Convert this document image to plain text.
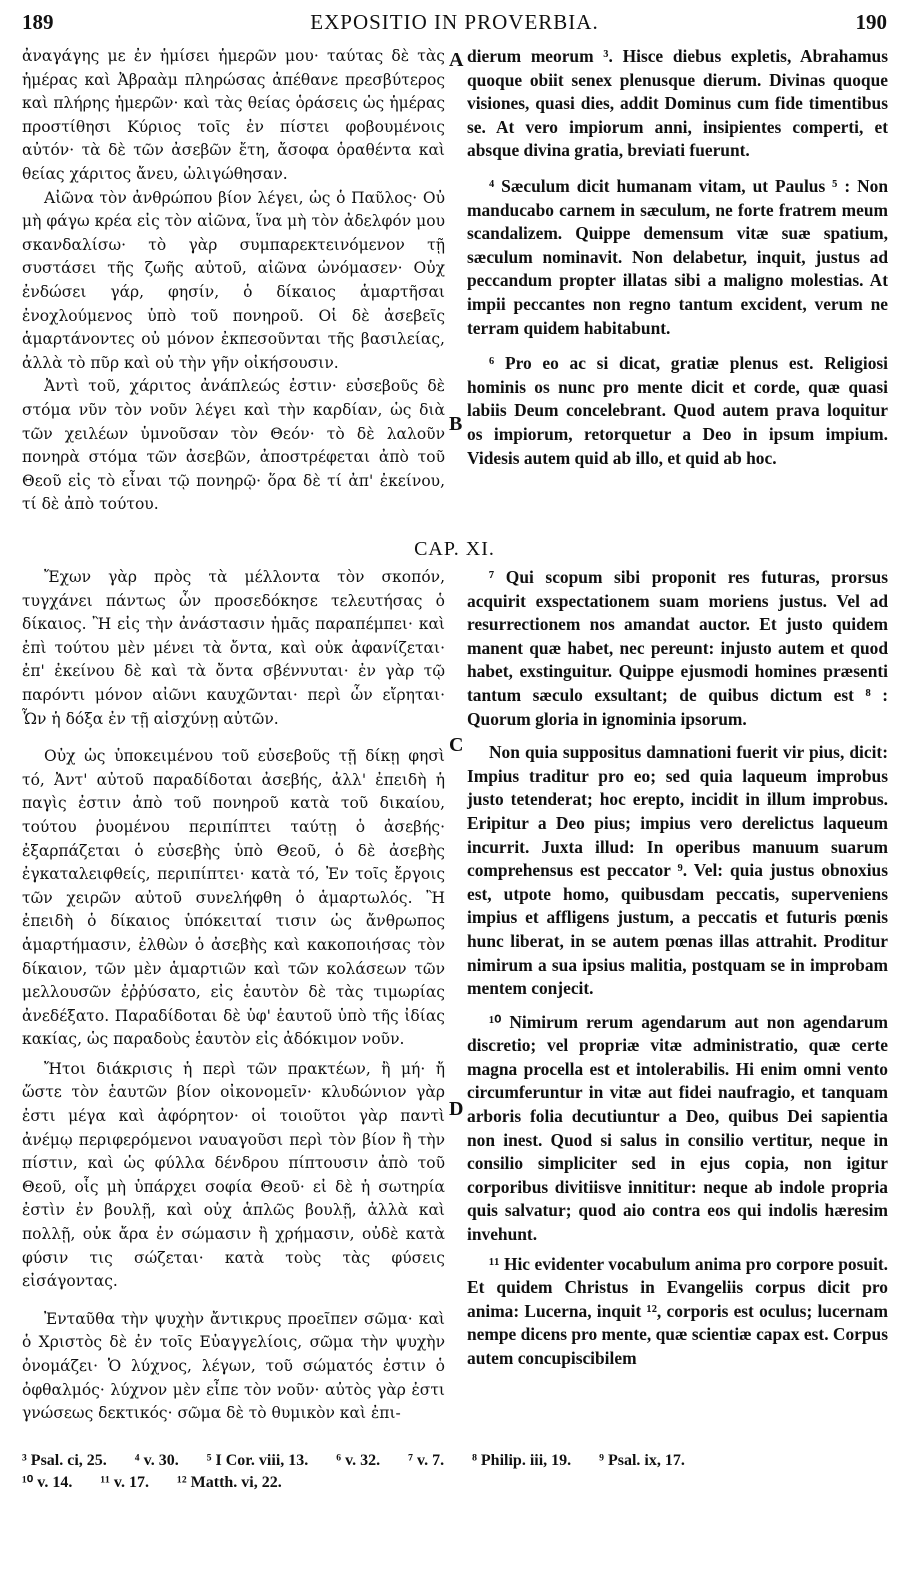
189	EXPOSITIO IN PROVERBIA.	190

ἀναγάγης με ἐν ἡμίσει ἡμερῶν μου· ταύτας δὲ τὰς ἡμέρας καὶ Ἀβραὰμ πληρώσας ἀπέθανε πρεσβύτερος καὶ πλήρης ἡμερῶν· καὶ τὰς θείας ὁράσεις ὡς ἡμέρας προστίθησι Κύριος τοῖς ἐν πίστει φοβουμένοις αὐτόν· τὰ δὲ τῶν ἀσεβῶν ἔτη, ἄσοφα ὁραθέντα καὶ θείας χάριτος ἄνευ, ὠλιγώθησαν.

Αἰῶνα τὸν ἀνθρώπου βίον λέγει, ὡς ὁ Παῦλος· Οὐ μὴ φάγω κρέα εἰς τὸν αἰῶνα, ἵνα μὴ τὸν ἀδελφόν μου σκανδαλίσω· τὸ γὰρ συμπαρεκτεινόμενον τῇ συστάσει τῆς ζωῆς αὐτοῦ, αἰῶνα ὠνόμασεν· Οὐχ ἐνδώσει γάρ, φησίν, ὁ δίκαιος ἁμαρτῆσαι ἐνοχλούμενος ὑπὸ τοῦ πονηροῦ. Οἱ δὲ ἀσεβεῖς ἁμαρτάνοντες οὐ μόνον ἐκπεσοῦνται τῆς βασιλείας, ἀλλὰ τὸ πῦρ καὶ οὐ τὴν γῆν οἰκήσουσιν.

Ἀντὶ τοῦ, χάριτος ἀνάπλεώς ἐστιν· εὐσεβοῦς δὲ στόμα νῦν τὸν νοῦν λέγει καὶ τὴν καρδίαν, ὡς διὰ τῶν χειλέων ὑμνοῦσαν τὸν Θεόν· τὸ δὲ λαλοῦν πονηρὰ στόμα τῶν ἀσεβῶν, ἀποστρέφεται ἀπὸ τοῦ Θεοῦ εἰς τὸ εἶναι τῷ πονηρῷ· ὅρα δὲ τί ἀπ' ἐκείνου, τί δὲ ἀπὸ τούτου.

dierum meorum ³. Hisce diebus expletis, Abrahamus quoque obiit senex plenusque dierum. Divinas quoque visiones, quasi dies, addit Dominus cum fide timentibus se. At vero impiorum anni, insipientes comperti, et absque divina gratia, breviati fuerunt.

⁴ Sæculum dicit humanam vitam, ut Paulus ⁵ : Non manducabo carnem in sæculum, ne forte fratrem meum scandalizem. Quippe demensum vitæ suæ spatium, sæculum nominavit. Non delabetur, inquit, justus ad peccandum propter illatas sibi a maligno molestias. At impii peccantes non regno tantum excident, verum ne terram quidem habitabunt.

⁶ Pro eo ac si dicat, gratiæ plenus est. Religiosi hominis os nunc pro mente dicit et corde, quæ quasi labiis Deum concelebrant. Quod autem prava loquitur os impiorum, retorquetur a Deo in ipsum impium. Videsis autem quid ab illo, et quid ab hoc.

A
B
CAP. XI.

Ἔχων γὰρ πρὸς τὰ μέλλοντα τὸν σκοπόν, τυγχάνει πάντως ὧν προσεδόκησε τελευτήσας ὁ δίκαιος. Ἢ εἰς τὴν ἀνάστασιν ἡμᾶς παραπέμπει· καὶ ἐπὶ τούτου μὲν μένει τὰ ὄντα, καὶ οὐκ ἀφανίζεται· ἐπ' ἐκείνου δὲ καὶ τὰ ὄντα σβέννυται· ἐν γὰρ τῷ παρόντι μόνον αἰῶνι καυχῶνται· περὶ ὧν εἴρηται· Ὧν ἡ δόξα ἐν τῇ αἰσχύνῃ αὐτῶν.

Οὐχ ὡς ὑποκειμένου τοῦ εὐσεβοῦς τῇ δίκῃ φησὶ τό, Ἀντ' αὐτοῦ παραδίδοται ἀσεβής, ἀλλ' ἐπειδὴ ἡ παγὶς ἐστιν ἀπὸ τοῦ πονηροῦ κατὰ τοῦ δικαίου, τούτου ῥυομένου περιπίπτει ταύτῃ ὁ ἀσεβής· ἐξαρπάζεται ὁ εὐσεβὴς ὑπὸ Θεοῦ, ὁ δὲ ἀσεβὴς ἐγκαταλειφθείς, περιπίπτει· κατὰ τό, Ἐν τοῖς ἔργοις τῶν χειρῶν αὐτοῦ συνελήφθη ὁ ἁμαρτωλός. Ἢ ἐπειδὴ ὁ δίκαιος ὑπόκειταί τισιν ὡς ἄνθρωπος ἁμαρτήμασιν, ἐλθὼν ὁ ἀσεβὴς καὶ κακοποιήσας τὸν δίκαιον, τῶν μὲν ἁμαρτιῶν καὶ τῶν κολάσεων τῶν μελλουσῶν ἐῤῥύσατο, εἰς ἑαυτὸν δὲ τὰς τιμωρίας ἀνεδέξατο. Παραδίδοται δὲ ὑφ' ἑαυτοῦ ὑπὸ τῆς ἰδίας κακίας, ὡς παραδοὺς ἑαυτὸν εἰς ἀδόκιμον νοῦν.

Ἤτοι διάκρισις ἡ περὶ τῶν πρακτέων, ἢ μή· ἤ ὥστε τὸν ἑαυτῶν βίον οἰκονομεῖν· κλυδώνιον γὰρ ἐστι μέγα καὶ ἀφόρητον· οἱ τοιοῦτοι γὰρ παντὶ ἀνέμῳ περιφερόμενοι ναυαγοῦσι περὶ τὸν βίον ἢ τὴν πίστιν, καὶ ὡς φύλλα δένδρου πίπτουσιν ἀπὸ τοῦ Θεοῦ, οἷς μὴ ὑπάρχει σοφία Θεοῦ· εἰ δὲ ἡ σωτηρία ἐστὶν ἐν βουλῇ, καὶ οὐχ ἁπλῶς βουλῇ, ἀλλὰ καὶ πολλῇ, οὐκ ἄρα ἐν σώμασιν ἢ χρήμασιν, οὐδὲ κατὰ φύσιν τις σώζεται· κατὰ τοὺς τὰς φύσεις εἰσάγοντας.

Ἐνταῦθα τὴν ψυχὴν ἄντικρυς προεῖπεν σῶμα· καὶ ὁ Χριστὸς δὲ ἐν τοῖς Εὐαγγελίοις, σῶμα τὴν ψυχὴν ὀνομάζει· Ὁ λύχνος, λέγων, τοῦ σώματός ἐστιν ὁ ὀφθαλμός· λύχνον μὲν εἶπε τὸν νοῦν· αὐτὸς γὰρ ἐστι γνώσεως δεκτικός· σῶμα δὲ τὸ θυμικὸν καὶ ἐπι-

⁷ Qui scopum sibi proponit res futuras, prorsus acquirit exspectationem suam moriens justus. Vel ad resurrectionem nos amandat auctor. Et justo quidem manent quæ habet, nec pereunt: injusto autem et quod habet, exstinguitur. Quippe ejusmodi homines præsenti tantum sæculo exsultant; de quibus dictum est ⁸ : Quorum gloria in ignominia ipsorum.

Non quia suppositus damnationi fuerit vir pius, dicit: Impius traditur pro eo; sed quia laqueum improbus justo tetenderat; hoc erepto, incidit in illum improbus. Eripitur a Deo pius; impius vero derelictus laqueum incurrit. Juxta illud: In operibus manuum suarum comprehensus est peccator ⁹. Vel: quia justus obnoxius est, utpote homo, quibusdam peccatis, superveniens impius et affligens justum, a peccatis et futuris pœnis hunc liberat, in se autem pœnas illas attrahit. Proditur nimirum a sua ipsius malitia, postquam se in improbam mentem conjecit.

¹⁰ Nimirum rerum agendarum aut non agendarum discretio; vel propriæ vitæ administratio, quæ certe magna procella est et intolerabilis. Hi enim omni vento circumferuntur in vitæ aut fidei naufragio, et tanquam arboris folia decutiuntur a Deo, quibus Dei sapientia non inest. Quod si salus in consilio vertitur, neque in consilio simpliciter sed in ejus copia, non igitur corporibus divitiisve innititur: neque ab indole propria quis salvatur; quod aio contra eos qui indolis hæresim invehunt.

¹¹ Hic evidenter vocabulum anima pro corpore posuit. Et quidem Christus in Evangeliis corpus dicit pro anima: Lucerna, inquit ¹², corporis est oculus; lucernam nempe dicens pro mente, quæ scientiæ capax est. Corpus autem concupiscibilem

C
D
³ Psal. ci, 25. ⁴ v. 30. ⁵ I Cor. viii, 13. ⁶ v. 32. ⁷ v. 7. ⁸ Philip. iii, 19. ⁹ Psal. ix, 17.
¹⁰ v. 14. ¹¹ v. 17. ¹² Matth. vi, 22.
